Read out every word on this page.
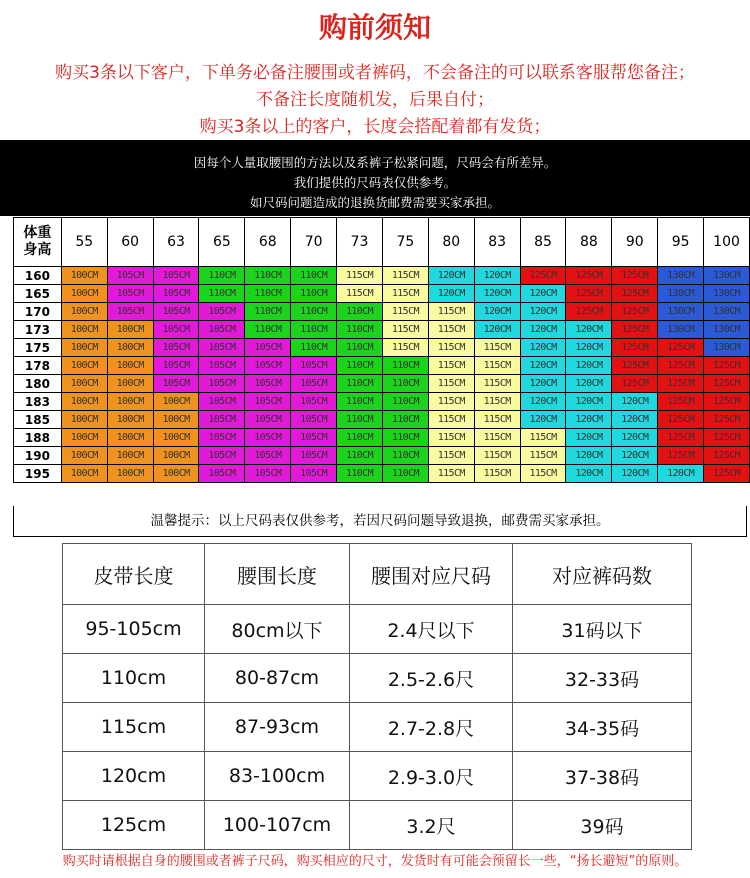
购前须知
购买3条以下客户，下单务必备注腰围或者裤码，不会备注的可以联系客服帮您备注；
不备注长度随机发，后果自付；
购买3条以上的客户，长度会搭配着都有发货；
因每个人量取腰围的方法以及系裤子松紧问题，尺码会有所差异。
我们提供的尺码表仅供参考。
如尺码问题造成的退换货邮费需要买家承担。
体重
身高	55	60	63	65	68	70	73	75	80	83	85	88	90	95	100
160	100CM	105CM	105CM	110CM	110CM	110CM	115CM	115CM	120CM	120CM	125CM	125CM	125CM	130CM	130CM
165	100CM	105CM	105CM	110CM	110CM	110CM	115CM	115CM	120CM	120CM	120CM	125CM	125CM	130CM	130CM
170	100CM	105CM	105CM	105CM	110CM	110CM	110CM	115CM	115CM	120CM	120CM	125CM	125CM	130CM	130CM
173	100CM	100CM	105CM	105CM	110CM	110CM	110CM	115CM	115CM	120CM	120CM	120CM	125CM	130CM	130CM
175	100CM	100CM	105CM	105CM	105CM	110CM	110CM	115CM	115CM	115CM	120CM	120CM	125CM	125CM	130CM
178	100CM	100CM	105CM	105CM	105CM	105CM	110CM	110CM	115CM	115CM	120CM	120CM	125CM	125CM	125CM
180	100CM	100CM	105CM	105CM	105CM	105CM	110CM	110CM	115CM	115CM	120CM	120CM	125CM	125CM	125CM
183	100CM	100CM	100CM	105CM	105CM	105CM	110CM	110CM	115CM	115CM	120CM	120CM	120CM	125CM	125CM
185	100CM	100CM	100CM	105CM	105CM	105CM	110CM	110CM	115CM	115CM	120CM	120CM	120CM	125CM	125CM
188	100CM	100CM	100CM	105CM	105CM	105CM	110CM	110CM	115CM	115CM	115CM	120CM	120CM	125CM	125CM
190	100CM	100CM	100CM	105CM	105CM	105CM	110CM	110CM	115CM	115CM	115CM	120CM	120CM	125CM	125CM
195	100CM	100CM	100CM	105CM	105CM	105CM	110CM	110CM	115CM	115CM	115CM	120CM	120CM	120CM	125CM
温馨提示：以上尺码表仅供参考，若因尺码问题导致退换，邮费需买家承担。
皮带长度	腰围长度	腰围对应尺码	对应裤码数
95-105cm	80cm以下	2.4尺以下	31码以下
110cm	80-87cm	2.5-2.6尺	32-33码
115cm	87-93cm	2.7-2.8尺	34-35码
120cm	83-100cm	2.9-3.0尺	37-38码
125cm	100-107cm	3.2尺	39码
购买时请根据自身的腰围或者裤子尺码，购买相应的尺寸，发货时有可能会预留长一些，“扬长避短”的原则。
